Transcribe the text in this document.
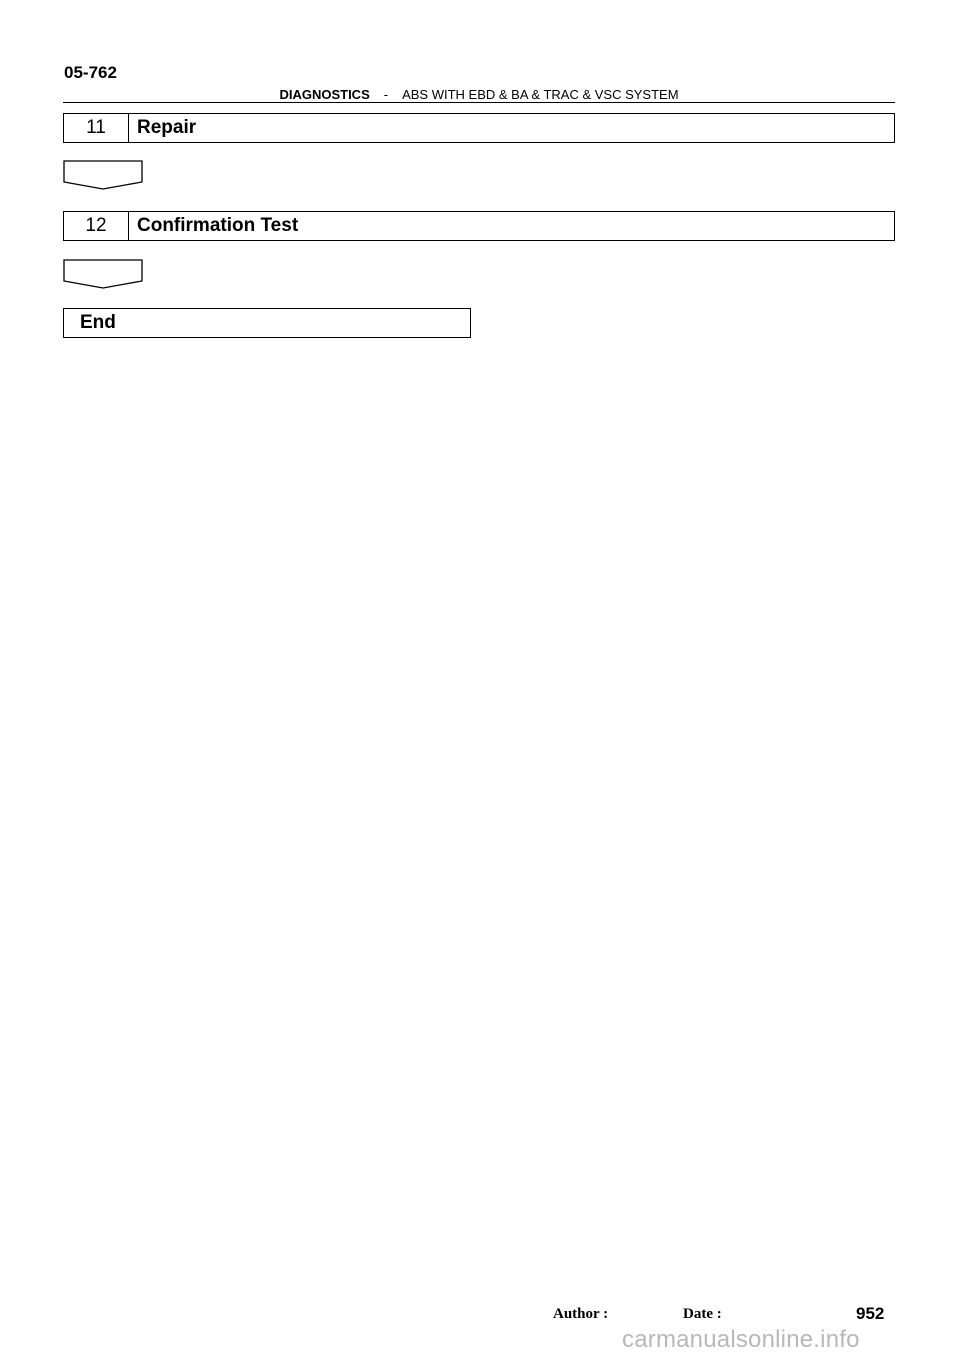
05-762
DIAGNOSTICS - ABS WITH EBD & BA & TRAC & VSC SYSTEM
11	Repair
12	Confirmation Test
End
Author :	Date :	952
carmanualsonline.info
